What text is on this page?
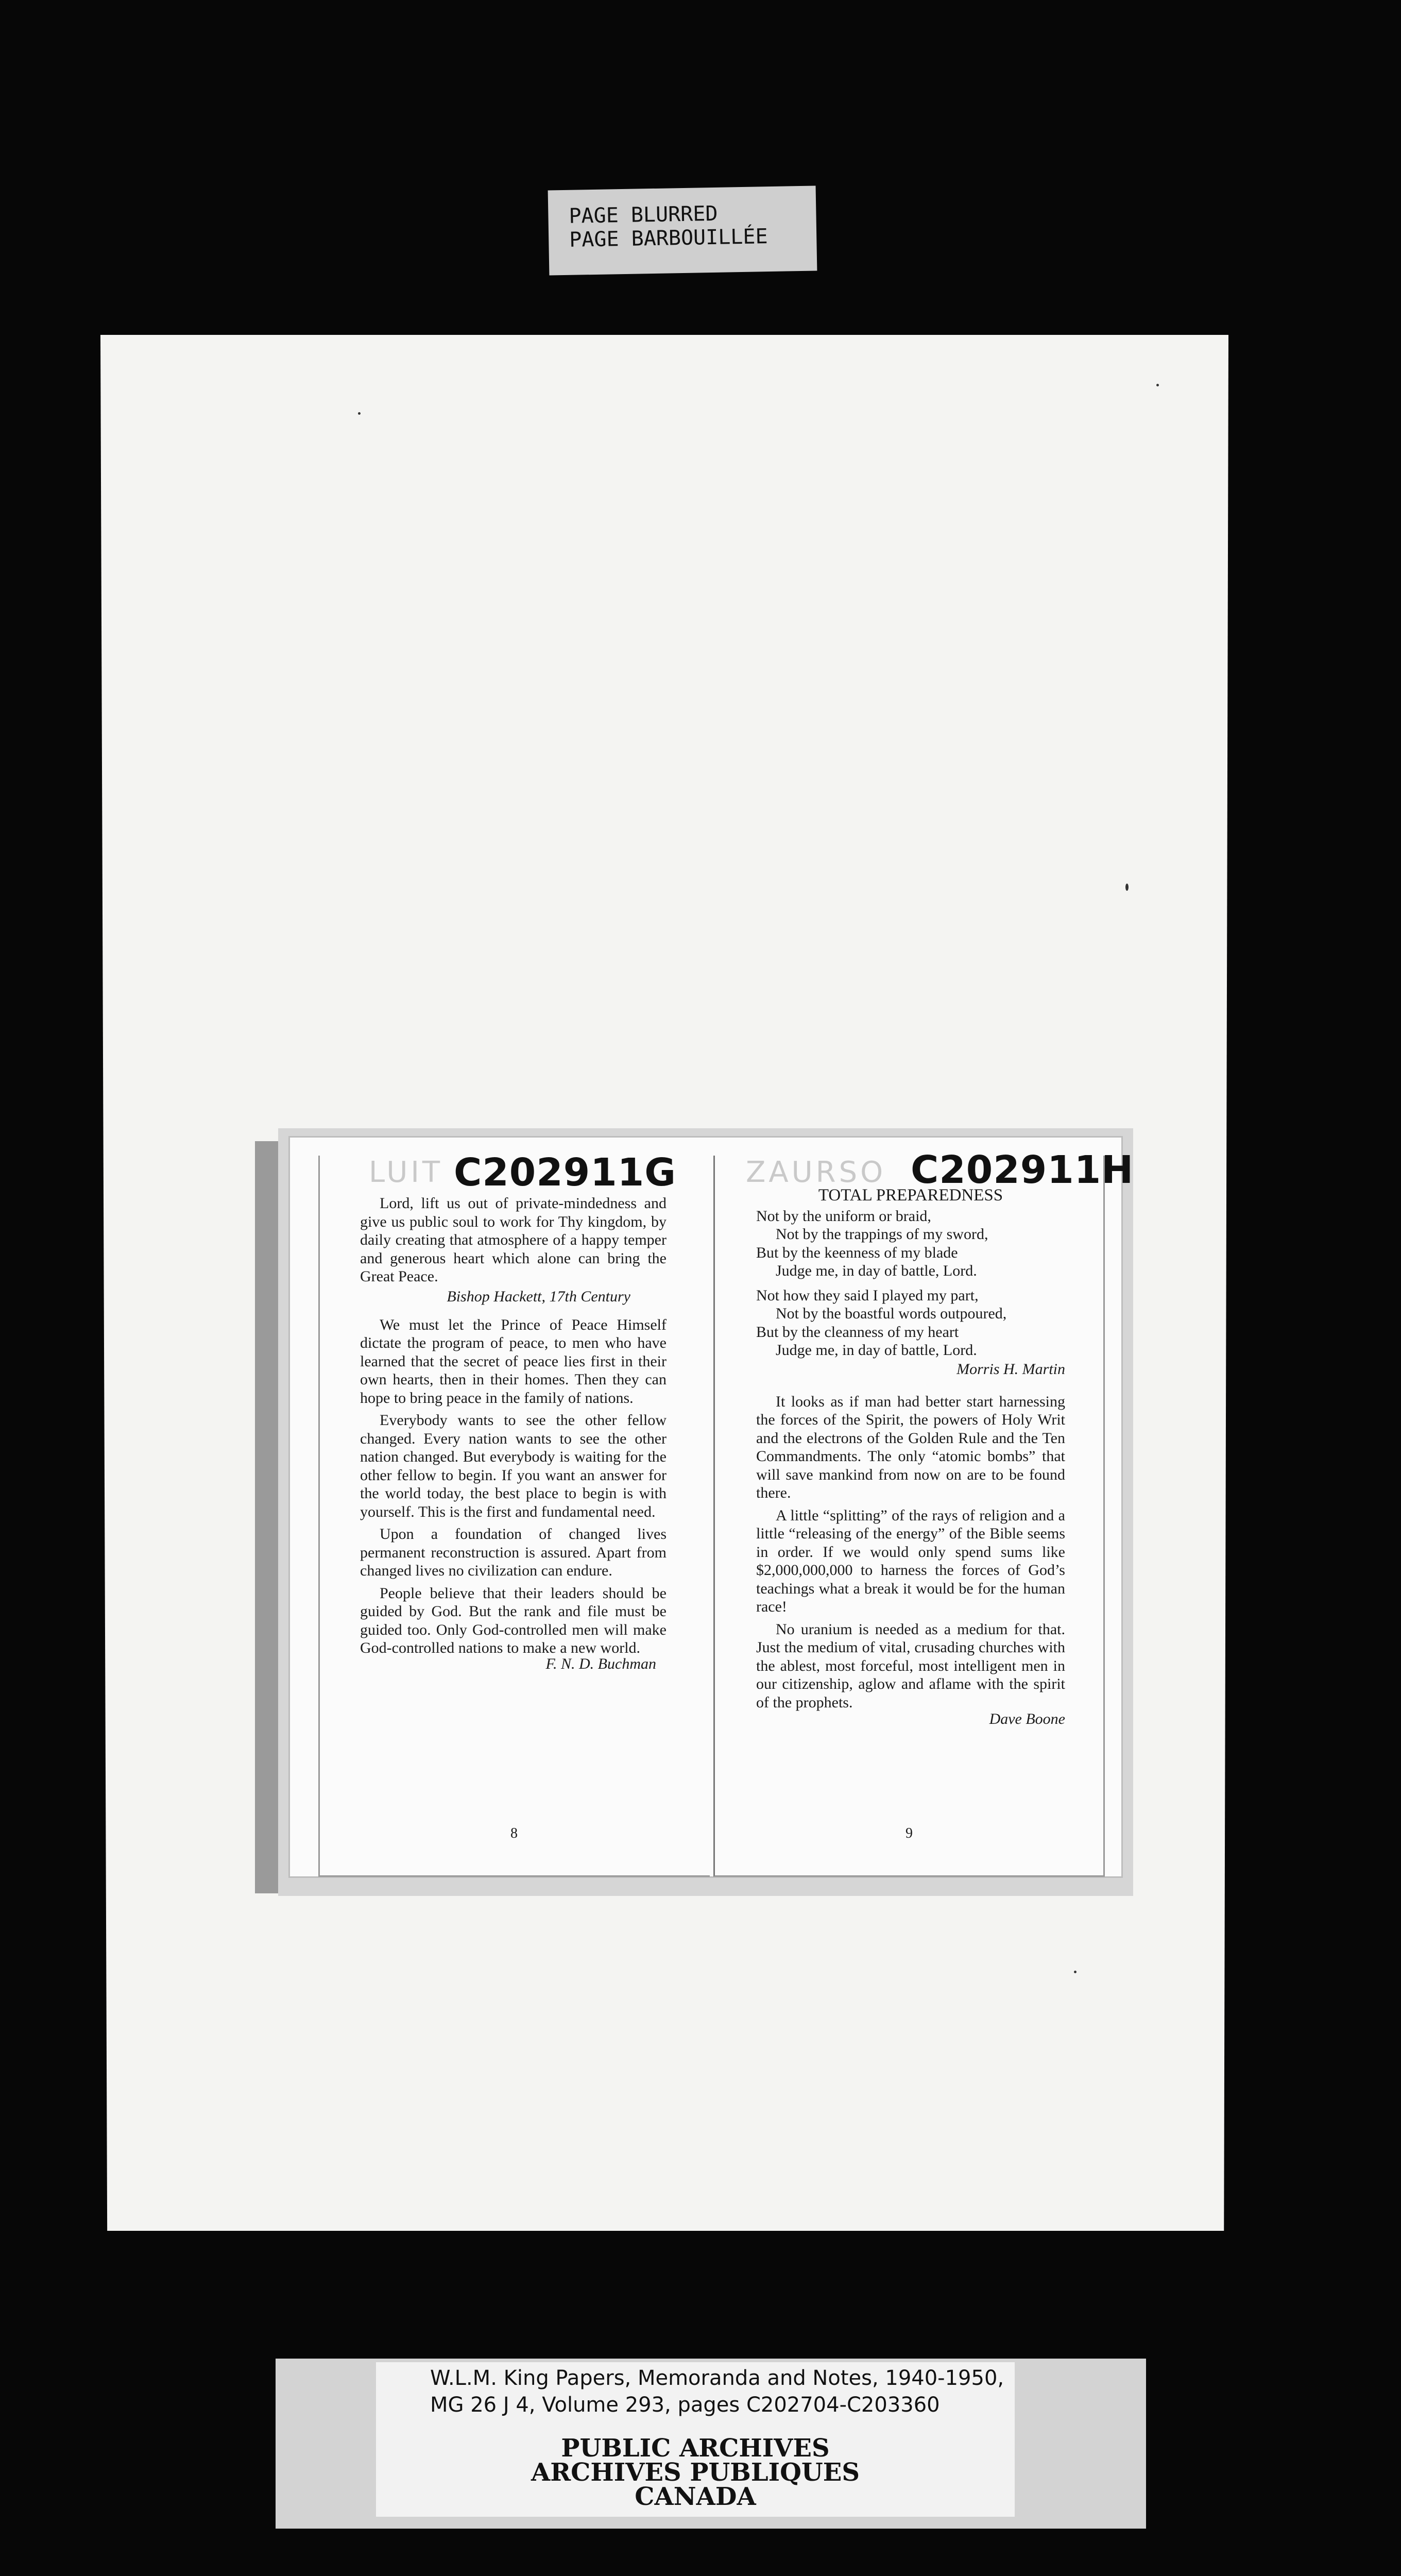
PAGE BLURRED
PAGE BARBOUILLÉE
LUIT C202911G

Lord, lift us out of private-mindedness and give us public soul to work for Thy kingdom, by daily creating that atmosphere of a happy temper and generous heart which alone can bring the Great Peace.

Bishop Hackett, 17th Century

We must let the Prince of Peace Himself dictate the program of peace, to men who have learned that the secret of peace lies first in their own hearts, then in their homes. Then they can hope to bring peace in the family of nations.

Everybody wants to see the other fellow changed. Every nation wants to see the other nation changed. But everybody is waiting for the other fellow to begin. If you want an answer for the world today, the best place to begin is with yourself. This is the first and fundamental need.

Upon a foundation of changed lives permanent reconstruction is assured. Apart from changed lives no civilization can endure.

People believe that their leaders should be guided by God. But the rank and file must be guided too. Only God-controlled men will make God-controlled nations to make a new world.

F. N. D. Buchman

8
ZAURSO C202911H

TOTAL PREPAREDNESS

Not by the uniform or braid,

Not by the trappings of my sword,

But by the keenness of my blade

Judge me, in day of battle, Lord.

Not how they said I played my part,

Not by the boastful words outpoured,

But by the cleanness of my heart

Judge me, in day of battle, Lord.

Morris H. Martin

It looks as if man had better start harnessing the forces of the Spirit, the powers of Holy Writ and the electrons of the Golden Rule and the Ten Commandments. The only “atomic bombs” that will save mankind from now on are to be found there.

A little “splitting” of the rays of religion and a little “releasing of the energy” of the Bible seems in order. If we would only spend sums like $2,000,000,000 to harness the forces of God’s teachings what a break it would be for the human race!

No uranium is needed as a medium for that. Just the medium of vital, crusading churches with the ablest, most forceful, most intelligent men in our citizenship, aglow and aflame with the spirit of the prophets.

Dave Boone

9
W.L.M. King Papers, Memoranda and Notes, 1940-1950,
MG 26 J 4, Volume 293, pages C202704-C203360
PUBLIC ARCHIVES
ARCHIVES PUBLIQUES
CANADA
